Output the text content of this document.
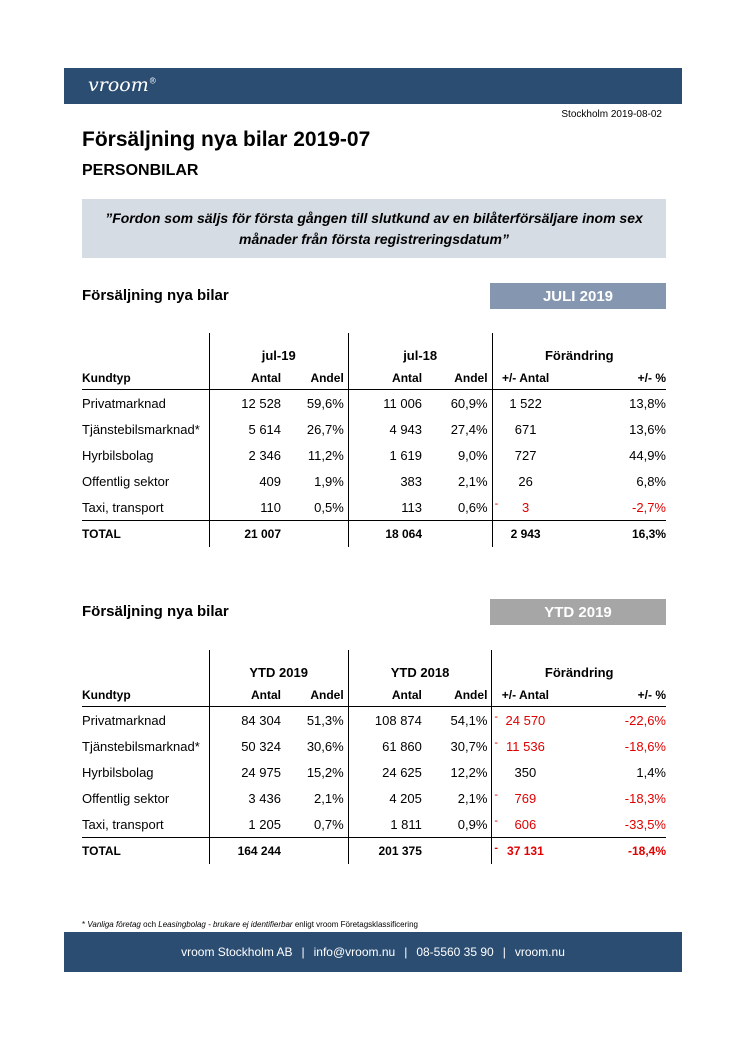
vroom®
Stockholm 2019-08-02
Försäljning nya bilar 2019-07
PERSONBILAR
”Fordon som säljs för första gången till slutkund av en bilåterförsäljare inom sex månader från första registreringsdatum”
Försäljning nya bilar	JULI 2019
	jul-19		jul-18		Förändring	
Kundtyp	Antal	Andel	Antal	Andel	+/- Antal	+/- %
Privatmarknad	12 528	59,6%	11 006	60,9%	1 522	13,8%
Tjänstebilsmarknad*	5 614	26,7%	4 943	27,4%	671	13,6%
Hyrbilsbolag	2 346	11,2%	1 619	9,0%	727	44,9%
Offentlig sektor	409	1,9%	383	2,1%	26	6,8%
Taxi, transport	110	0,5%	113	0,6%	- 3	-2,7%
TOTAL	21 007		18 064		2 943	16,3%
Försäljning nya bilar	YTD 2019
	YTD 2019		YTD 2018		Förändring	
Kundtyp	Antal	Andel	Antal	Andel	+/- Antal	+/- %
Privatmarknad	84 304	51,3%	108 874	54,1%	- 24 570	-22,6%
Tjänstebilsmarknad*	50 324	30,6%	61 860	30,7%	- 11 536	-18,6%
Hyrbilsbolag	24 975	15,2%	24 625	12,2%	350	1,4%
Offentlig sektor	3 436	2,1%	4 205	2,1%	- 769	-18,3%
Taxi, transport	1 205	0,7%	1 811	0,9%	- 606	-33,5%
TOTAL	164 244		201 375		- 37 131	-18,4%
* Vanliga företag och Leasingbolag - brukare ej identifierbar enligt vroom Företagsklassificering
vroom Stockholm AB | info@vroom.nu | 08-5560 35 90 | vroom.nu
